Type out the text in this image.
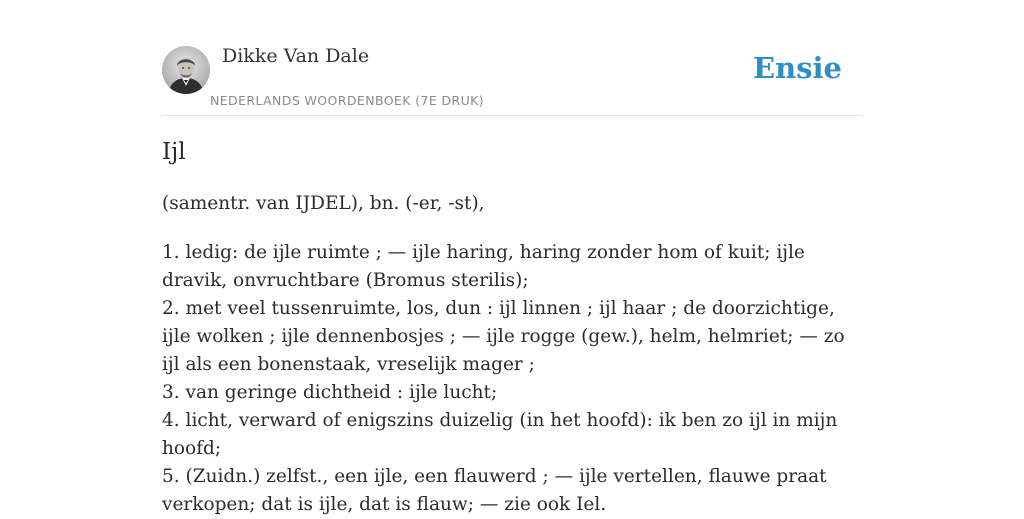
Dikke Van Dale
NEDERLANDS WOORDENBOEK (7E DRUK)
Ensie
Ijl

(samentr. van IJDEL), bn. (-er, -st),

1. ledig: de ijle ruimte ; — ijle haring, haring zonder hom of kuit; ijle dravik, onvruchtbare (Bromus sterilis);
2. met veel tussenruimte, los, dun : ijl linnen ; ijl haar ; de doorzichtige, ijle wolken ; ijle dennenbosjes ; — ijle rogge (gew.), helm, helmriet; — zo ijl als een bonenstaak, vreselijk mager ;
3. van geringe dichtheid : ijle lucht;
4. licht, verward of enigszins duizelig (in het hoofd): ik ben zo ijl in mijn hoofd;
5. (Zuidn.) zelfst., een ijle, een flauwerd ; — ijle vertellen, flauwe praat verkopen; dat is ijle, dat is flauw; — zie ook Iel.
